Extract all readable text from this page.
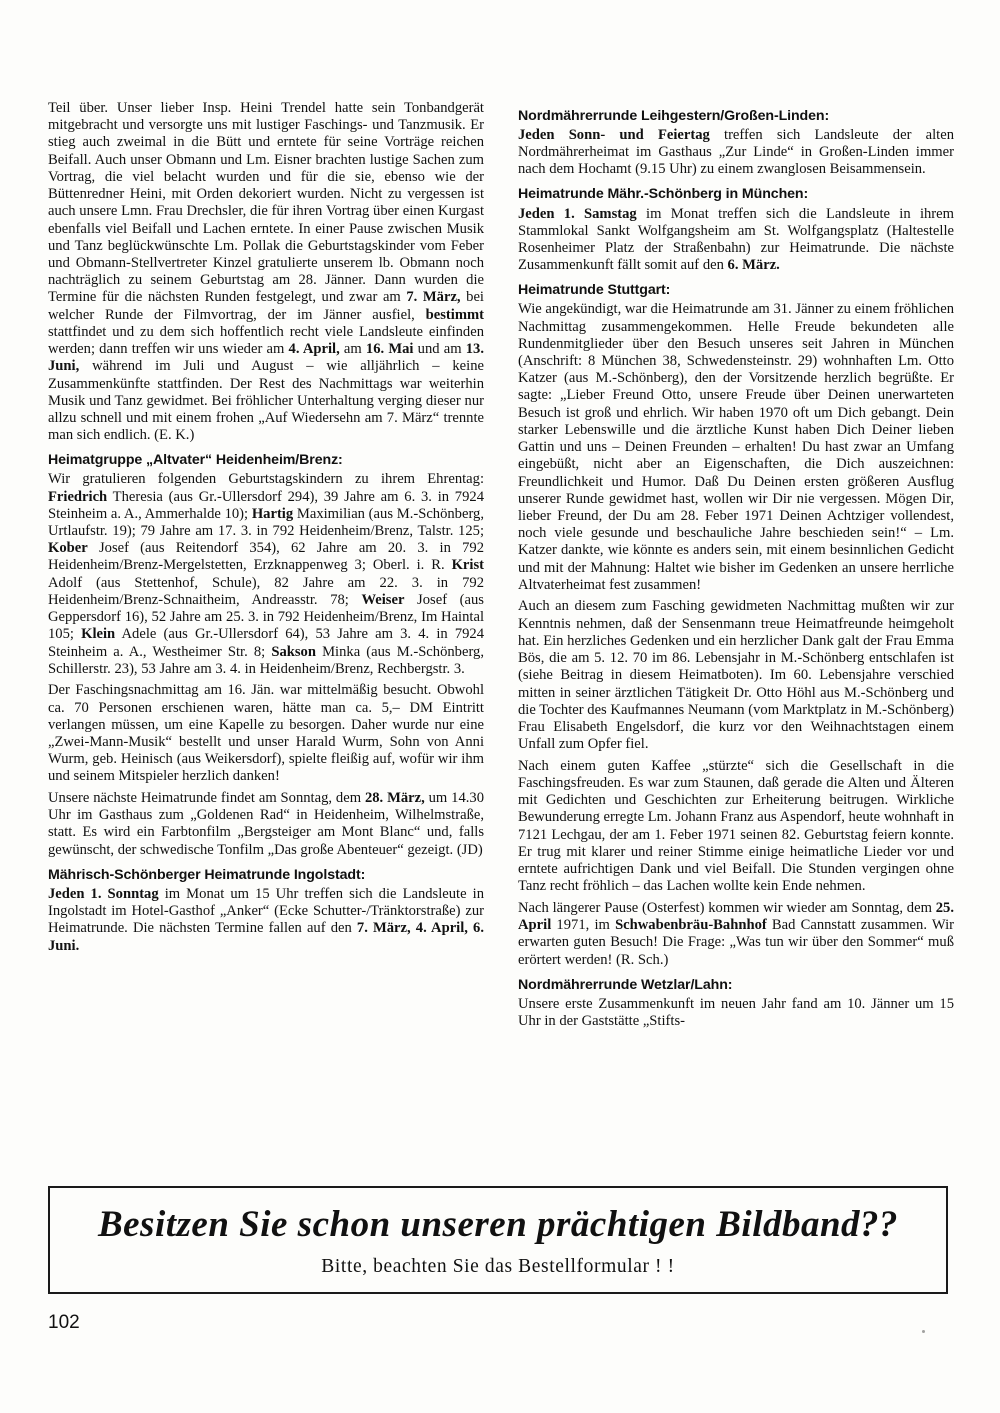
Teil über. Unser lieber Insp. Heini Trendel hatte sein Tonbandgerät mitgebracht und versorgte uns mit lustiger Faschings- und Tanzmusik. Er stieg auch zweimal in die Bütt und erntete für seine Vorträge reichen Beifall. Auch unser Obmann und Lm. Eisner brachten lustige Sachen zum Vortrag, die viel belacht wurden und für die sie, ebenso wie der Büttenredner Heini, mit Orden dekoriert wurden. Nicht zu vergessen ist auch unsere Lmn. Frau Drechsler, die für ihren Vortrag über einen Kurgast ebenfalls viel Beifall und Lachen erntete. In einer Pause zwischen Musik und Tanz beglückwünschte Lm. Pollak die Geburtstagskinder vom Feber und Obmann-Stellvertreter Kinzel gratulierte unserem lb. Obmann noch nachträglich zu seinem Geburtstag am 28. Jänner. Dann wurden die Termine für die nächsten Runden festgelegt, und zwar am 7. März, bei welcher Runde der Filmvortrag, der im Jänner ausfiel, bestimmt stattfindet und zu dem sich hoffentlich recht viele Landsleute einfinden werden; dann treffen wir uns wieder am 4. April, am 16. Mai und am 13. Juni, während im Juli und August – wie alljährlich – keine Zusammenkünfte stattfinden. Der Rest des Nachmittags war weiterhin Musik und Tanz gewidmet. Bei fröhlicher Unterhaltung verging dieser nur allzu schnell und mit einem frohen „Auf Wiedersehn am 7. März“ trennte man sich endlich. (E. K.)

Heimatgruppe „Altvater“ Heidenheim/Brenz:

Wir gratulieren folgenden Geburtstagskindern zu ihrem Ehrentag: Friedrich Theresia (aus Gr.-Ullersdorf 294), 39 Jahre am 6. 3. in 7924 Steinheim a. A., Ammerhalde 10); Hartig Maximilian (aus M.-Schönberg, Urtlaufstr. 19); 79 Jahre am 17. 3. in 792 Heidenheim/Brenz, Talstr. 125; Kober Josef (aus Reitendorf 354), 62 Jahre am 20. 3. in 792 Heidenheim/Brenz-Mergelstetten, Erzknappenweg 3; Oberl. i. R. Krist Adolf (aus Stettenhof, Schule), 82 Jahre am 22. 3. in 792 Heidenheim/Brenz-Schnaitheim, Andreasstr. 78; Weiser Josef (aus Geppersdorf 16), 52 Jahre am 25. 3. in 792 Heidenheim/Brenz, Im Haintal 105; Klein Adele (aus Gr.-Ullersdorf 64), 53 Jahre am 3. 4. in 7924 Steinheim a. A., Westheimer Str. 8; Sakson Minka (aus M.-Schönberg, Schillerstr. 23), 53 Jahre am 3. 4. in Heidenheim/Brenz, Rechbergstr. 3.

Der Faschingsnachmittag am 16. Jän. war mittelmäßig besucht. Obwohl ca. 70 Personen erschienen waren, hätte man ca. 5,– DM Eintritt verlangen müssen, um eine Kapelle zu besorgen. Daher wurde nur eine „Zwei-Mann-Musik“ bestellt und unser Harald Wurm, Sohn von Anni Wurm, geb. Heinisch (aus Weikersdorf), spielte fleißig auf, wofür wir ihm und seinem Mitspieler herzlich danken!

Unsere nächste Heimatrunde findet am Sonntag, dem 28. März, um 14.30 Uhr im Gasthaus zum „Goldenen Rad“ in Heidenheim, Wilhelmstraße, statt. Es wird ein Farbtonfilm „Bergsteiger am Mont Blanc“ und, falls gewünscht, der schwedische Tonfilm „Das große Abenteuer“ gezeigt. (JD)

Mährisch-Schönberger Heimatrunde Ingolstadt:

Jeden 1. Sonntag im Monat um 15 Uhr treffen sich die Landsleute in Ingolstadt im Hotel-Gasthof „Anker“ (Ecke Schutter-/Tränktorstraße) zur Heimatrunde. Die nächsten Termine fallen auf den 7. März, 4. April, 6. Juni.

Nordmährerrunde Leihgestern/Großen-Linden:

Jeden Sonn- und Feiertag treffen sich Landsleute der alten Nordmährerheimat im Gasthaus „Zur Linde“ in Großen-Linden immer nach dem Hochamt (9.15 Uhr) zu einem zwanglosen Beisammensein.

Heimatrunde Mähr.-Schönberg in München:

Jeden 1. Samstag im Monat treffen sich die Landsleute in ihrem Stammlokal Sankt Wolfgangsheim am St. Wolfgangsplatz (Haltestelle Rosenheimer Platz der Straßenbahn) zur Heimatrunde. Die nächste Zusammenkunft fällt somit auf den 6. März.

Heimatrunde Stuttgart:

Wie angekündigt, war die Heimatrunde am 31. Jänner zu einem fröhlichen Nachmittag zusammengekommen. Helle Freude bekundeten alle Rundenmitglieder über den Besuch unseres seit Jahren in München (Anschrift: 8 München 38, Schwedensteinstr. 29) wohnhaften Lm. Otto Katzer (aus M.-Schönberg), den der Vorsitzende herzlich begrüßte. Er sagte: „Lieber Freund Otto, unsere Freude über Deinen unerwarteten Besuch ist groß und ehrlich. Wir haben 1970 oft um Dich gebangt. Dein starker Lebenswille und die ärztliche Kunst haben Dich Deiner lieben Gattin und uns – Deinen Freunden – erhalten! Du hast zwar an Umfang eingebüßt, nicht aber an Eigenschaften, die Dich auszeichnen: Freundlichkeit und Humor. Daß Du Deinen ersten größeren Ausflug unserer Runde gewidmet hast, wollen wir Dir nie vergessen. Mögen Dir, lieber Freund, der Du am 28. Feber 1971 Deinen Achtziger vollendest, noch viele gesunde und beschauliche Jahre beschieden sein!“ – Lm. Katzer dankte, wie könnte es anders sein, mit einem besinnlichen Gedicht und mit der Mahnung: Haltet wie bisher im Gedenken an unsere herrliche Altvaterheimat fest zusammen!

Auch an diesem zum Fasching gewidmeten Nachmittag mußten wir zur Kenntnis nehmen, daß der Sensenmann treue Heimatfreunde heimgeholt hat. Ein herzliches Gedenken und ein herzlicher Dank galt der Frau Emma Bös, die am 5. 12. 70 im 86. Lebensjahr in M.-Schönberg entschlafen ist (siehe Beitrag in diesem Heimatboten). Im 60. Lebensjahre verschied mitten in seiner ärztlichen Tätigkeit Dr. Otto Höhl aus M.-Schönberg und die Tochter des Kaufmannes Neumann (vom Marktplatz in M.-Schönberg) Frau Elisabeth Engelsdorf, die kurz vor den Weihnachtstagen einem Unfall zum Opfer fiel.

Nach einem guten Kaffee „stürzte“ sich die Gesellschaft in die Faschingsfreuden. Es war zum Staunen, daß gerade die Alten und Älteren mit Gedichten und Geschichten zur Erheiterung beitrugen. Wirkliche Bewunderung erregte Lm. Johann Franz aus Aspendorf, heute wohnhaft in 7121 Lechgau, der am 1. Feber 1971 seinen 82. Geburtstag feiern konnte. Er trug mit klarer und reiner Stimme einige heimatliche Lieder vor und erntete aufrichtigen Dank und viel Beifall. Die Stunden vergingen ohne Tanz recht fröhlich – das Lachen wollte kein Ende nehmen.

Nach längerer Pause (Osterfest) kommen wir wieder am Sonntag, dem 25. April 1971, im Schwabenbräu-Bahnhof Bad Cannstatt zusammen. Wir erwarten guten Besuch! Die Frage: „Was tun wir über den Sommer“ muß erörtert werden! (R. Sch.)

Nordmährerrunde Wetzlar/Lahn:

Unsere erste Zusammenkunft im neuen Jahr fand am 10. Jänner um 15 Uhr in der Gaststätte „Stifts-

Besitzen Sie schon unseren prächtigen Bildband??
Bitte, beachten Sie das Bestellformular ! !
102
